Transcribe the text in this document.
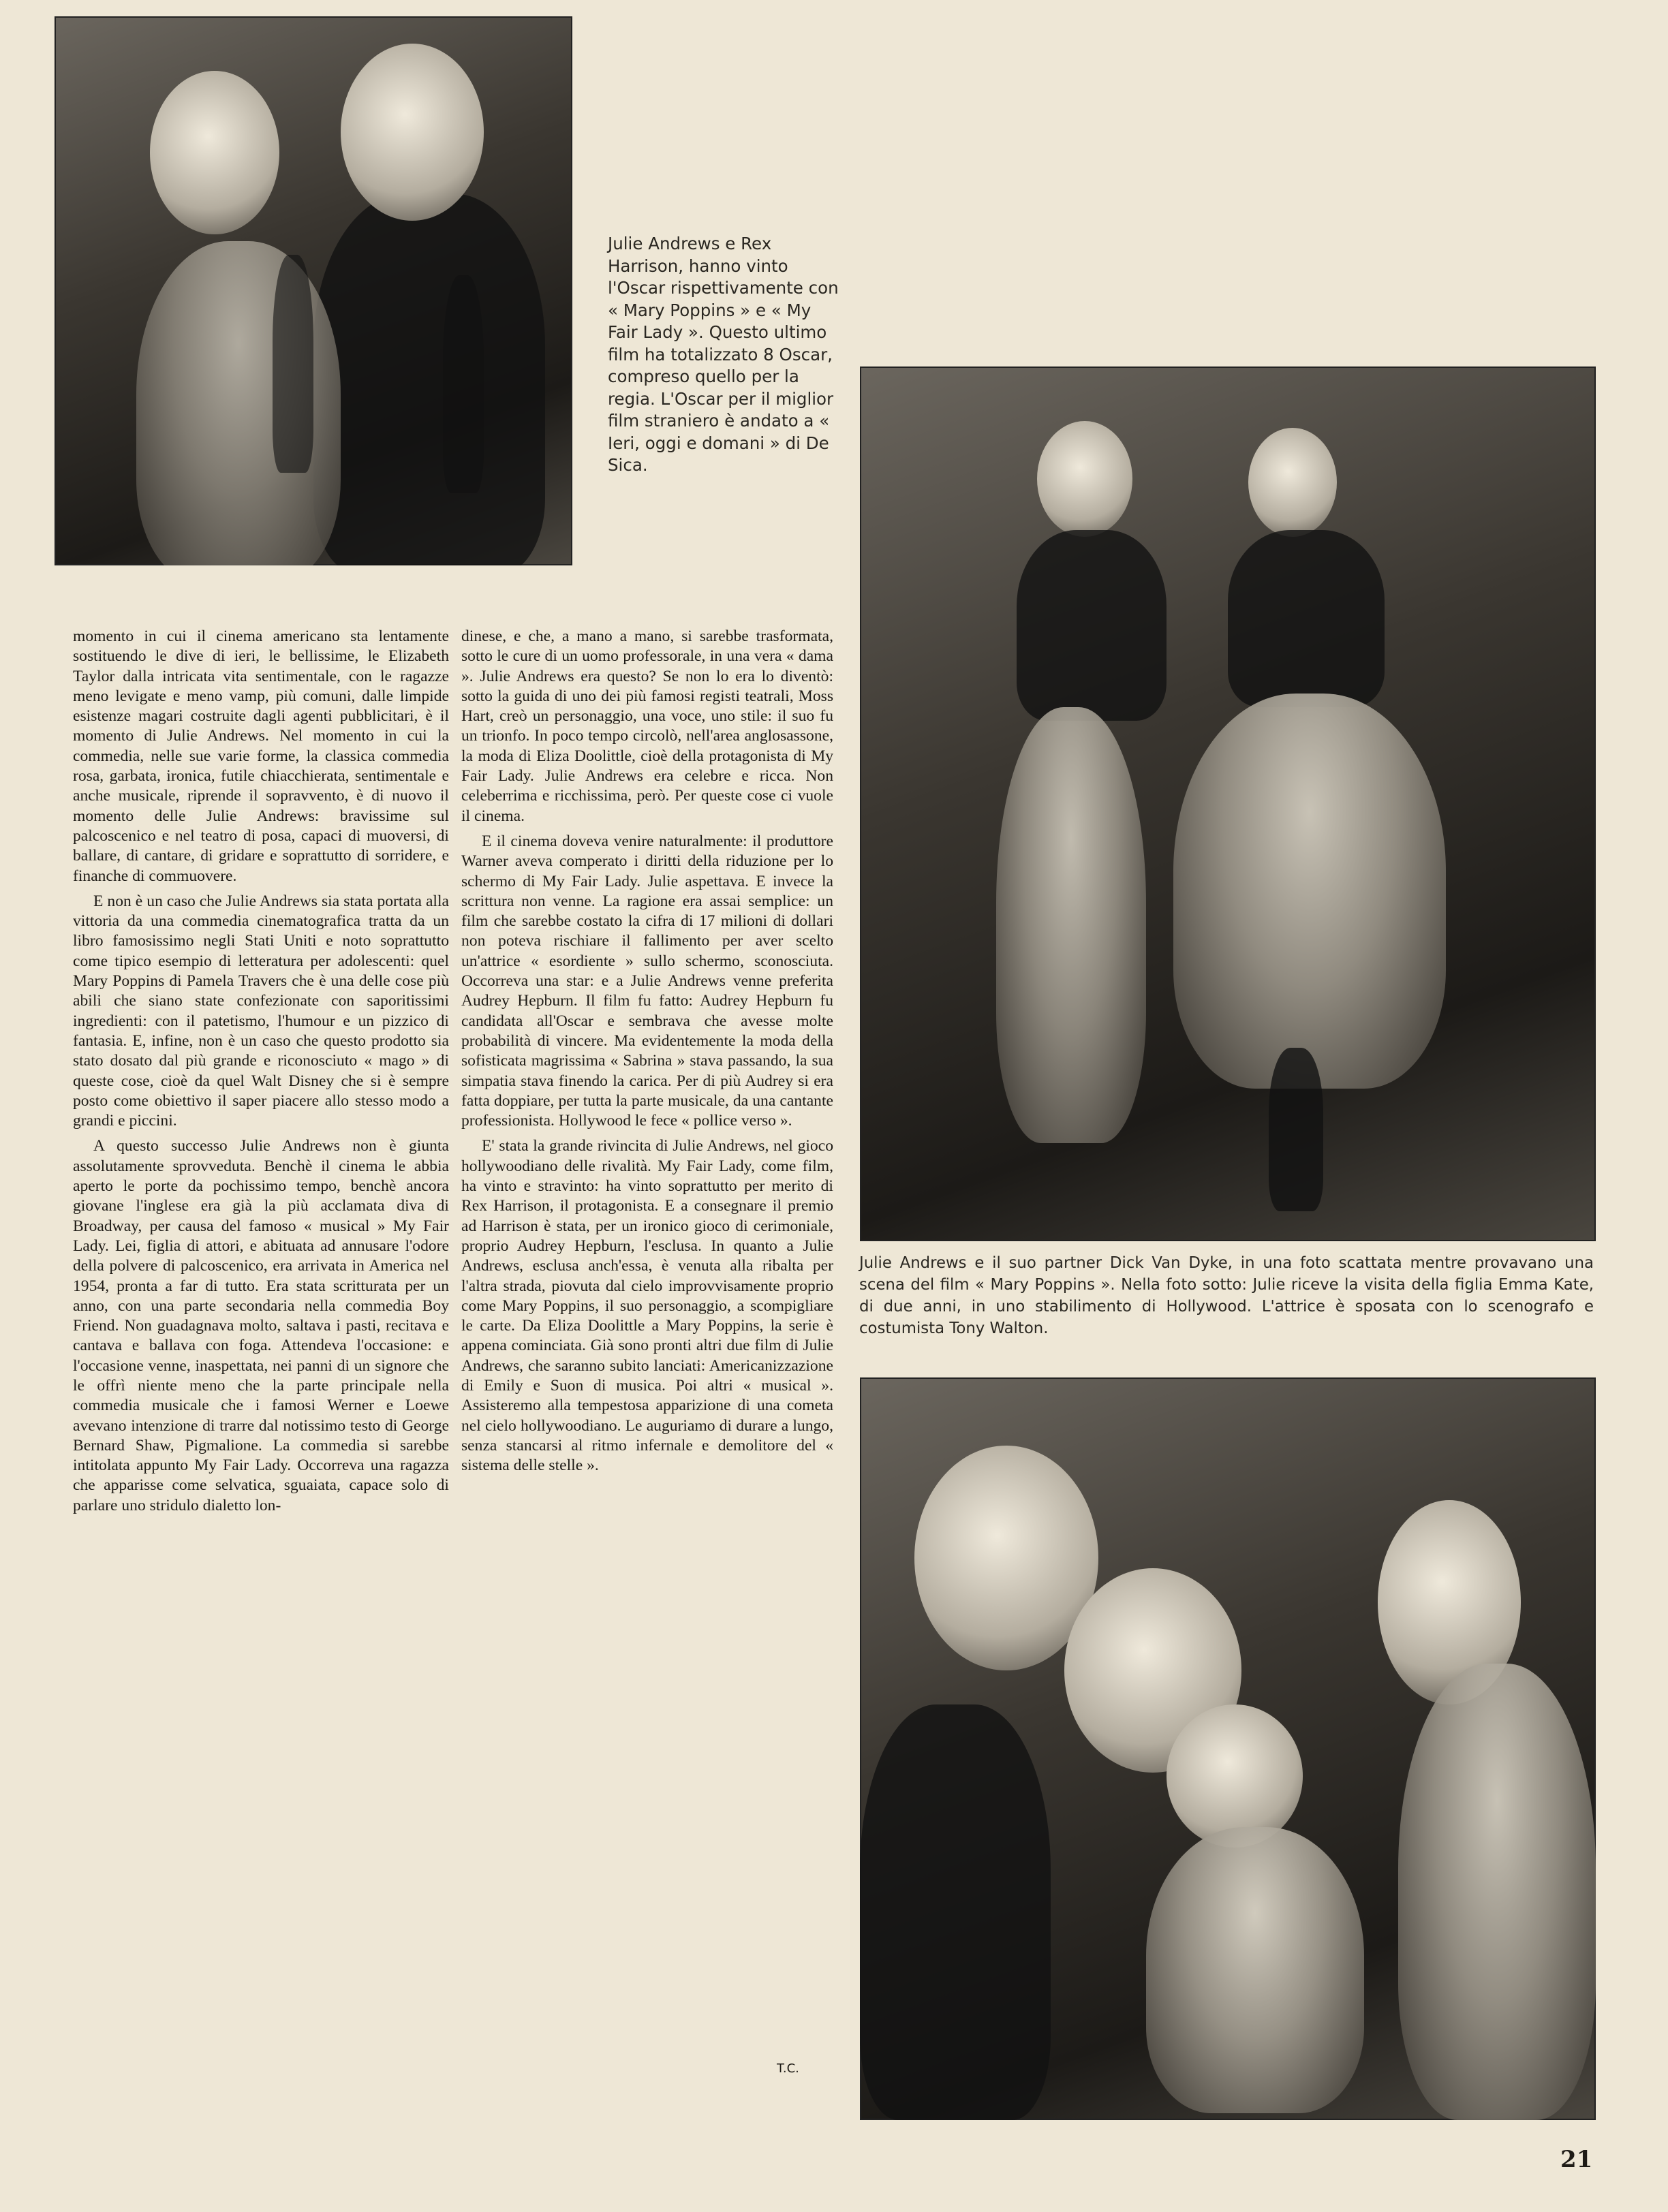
Julie Andrews e Rex Harrison, hanno vinto l'Oscar rispettivamente con « Mary Poppins » e « My Fair Lady ». Questo ultimo film ha totalizzato 8 Oscar, compreso quello per la regia. L'Oscar per il miglior film straniero è andato a « Ieri, oggi e domani » di De Sica.
Julie Andrews e il suo partner Dick Van Dyke, in una foto scattata mentre provavano una scena del film « Mary Poppins ». Nella foto sotto: Julie riceve la visita della figlia Emma Kate, di due anni, in uno stabilimento di Hollywood. L'attrice è sposata con lo scenografo e costumista Tony Walton.

momento in cui il cinema americano sta lentamente sostituendo le dive di ieri, le bellissime, le Elizabeth Taylor dalla intricata vita sentimentale, con le ragazze meno levigate e meno vamp, più comuni, dalle limpide esistenze magari costruite dagli agenti pubblicitari, è il momento di Julie Andrews. Nel momento in cui la commedia, nelle sue varie forme, la classica commedia rosa, garbata, ironica, futile chiacchierata, sentimentale e anche musicale, riprende il sopravvento, è di nuovo il momento delle Julie Andrews: bravissime sul palcoscenico e nel teatro di posa, capaci di muoversi, di ballare, di cantare, di gridare e soprattutto di sorridere, e finanche di commuovere.

E non è un caso che Julie Andrews sia stata portata alla vittoria da una commedia cinematografica tratta da un libro famosissimo negli Stati Uniti e noto soprattutto come tipico esempio di letteratura per adolescenti: quel Mary Poppins di Pamela Travers che è una delle cose più abili che siano state confezionate con saporitissimi ingredienti: con il patetismo, l'humour e un pizzico di fantasia. E, infine, non è un caso che questo prodotto sia stato dosato dal più grande e riconosciuto « mago » di queste cose, cioè da quel Walt Disney che si è sempre posto come obiettivo il saper piacere allo stesso modo a grandi e piccini.

A questo successo Julie Andrews non è giunta assolutamente sprovveduta. Benchè il cinema le abbia aperto le porte da pochissimo tempo, benchè ancora giovane l'inglese era già la più acclamata diva di Broadway, per causa del famoso « musical » My Fair Lady. Lei, figlia di attori, e abituata ad annusare l'odore della polvere di palcoscenico, era arrivata in America nel 1954, pronta a far di tutto. Era stata scritturata per un anno, con una parte secondaria nella commedia Boy Friend. Non guadagnava molto, saltava i pasti, recitava e cantava e ballava con foga. Attendeva l'occasione: e l'occasione venne, inaspettata, nei panni di un signore che le offrì niente meno che la parte principale nella commedia musicale che i famosi Werner e Loewe avevano intenzione di trarre dal notissimo testo di George Bernard Shaw, Pigmalione. La commedia si sarebbe intitolata appunto My Fair Lady. Occorreva una ragazza che apparisse come selvatica, sguaiata, capace solo di parlare uno stridulo dialetto lon-

dinese, e che, a mano a mano, si sarebbe trasformata, sotto le cure di un uomo professorale, in una vera « dama ». Julie Andrews era questo? Se non lo era lo diventò: sotto la guida di uno dei più famosi registi teatrali, Moss Hart, creò un personaggio, una voce, uno stile: il suo fu un trionfo. In poco tempo circolò, nell'area anglosassone, la moda di Eliza Doolittle, cioè della protagonista di My Fair Lady. Julie Andrews era celebre e ricca. Non celeberrima e ricchissima, però. Per queste cose ci vuole il cinema.

E il cinema doveva venire naturalmente: il produttore Warner aveva comperato i diritti della riduzione per lo schermo di My Fair Lady. Julie aspettava. E invece la scrittura non venne. La ragione era assai semplice: un film che sarebbe costato la cifra di 17 milioni di dollari non poteva rischiare il fallimento per aver scelto un'attrice « esordiente » sullo schermo, sconosciuta. Occorreva una star: e a Julie Andrews venne preferita Audrey Hepburn. Il film fu fatto: Audrey Hepburn fu candidata all'Oscar e sembrava che avesse molte probabilità di vincere. Ma evidentemente la moda della sofisticata magrissima « Sabrina » stava passando, la sua simpatia stava finendo la carica. Per di più Audrey si era fatta doppiare, per tutta la parte musicale, da una cantante professionista. Hollywood le fece « pollice verso ».

E' stata la grande rivincita di Julie Andrews, nel gioco hollywoodiano delle rivalità. My Fair Lady, come film, ha vinto e stravinto: ha vinto soprattutto per merito di Rex Harrison, il protagonista. E a consegnare il premio ad Harrison è stata, per un ironico gioco di cerimoniale, proprio Audrey Hepburn, l'esclusa. In quanto a Julie Andrews, esclusa anch'essa, è venuta alla ribalta per l'altra strada, piovuta dal cielo improvvisamente proprio come Mary Poppins, il suo personaggio, a scompigliare le carte. Da Eliza Doolittle a Mary Poppins, la serie è appena cominciata. Già sono pronti altri due film di Julie Andrews, che saranno subito lanciati: Americanizzazione di Emily e Suon di musica. Poi altri « musical ». Assisteremo alla tempestosa apparizione di una cometa nel cielo hollywoodiano. Le auguriamo di durare a lungo, senza stancarsi al ritmo infernale e demolitore del « sistema delle stelle ».

T.C.
21
